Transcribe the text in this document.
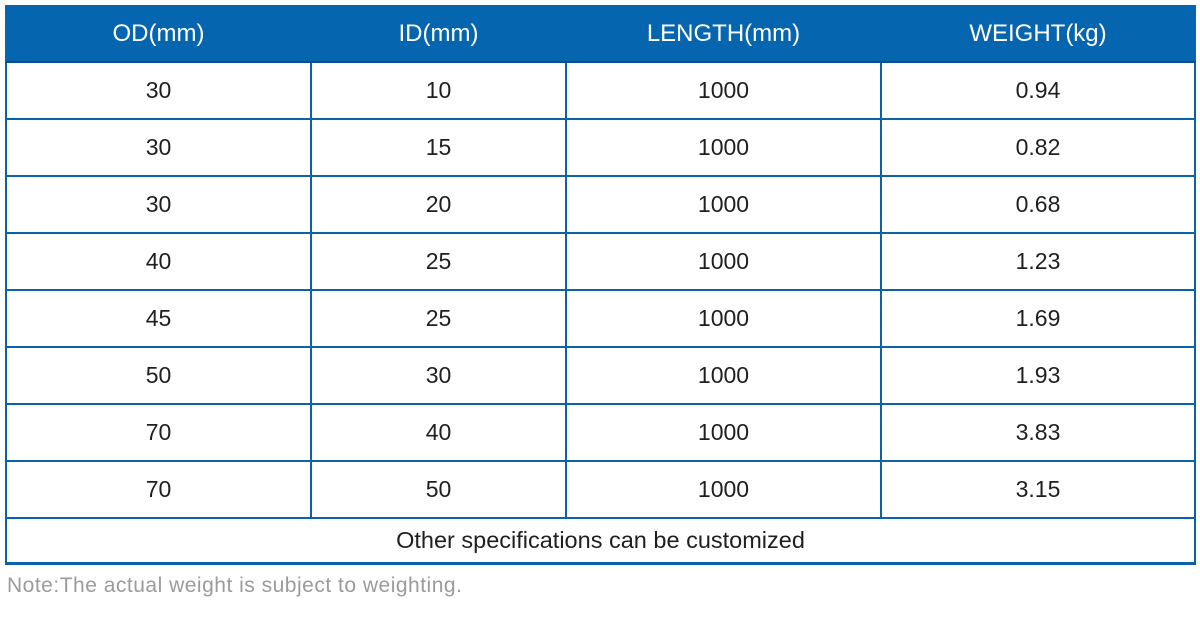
OD(mm)	ID(mm)	LENGTH(mm)	WEIGHT(kg)
30	10	1000	0.94
30	15	1000	0.82
30	20	1000	0.68
40	25	1000	1.23
45	25	1000	1.69
50	30	1000	1.93
70	40	1000	3.83
70	50	1000	3.15
Other specifications can be customized			
Note:The actual weight is subject to weighting.
